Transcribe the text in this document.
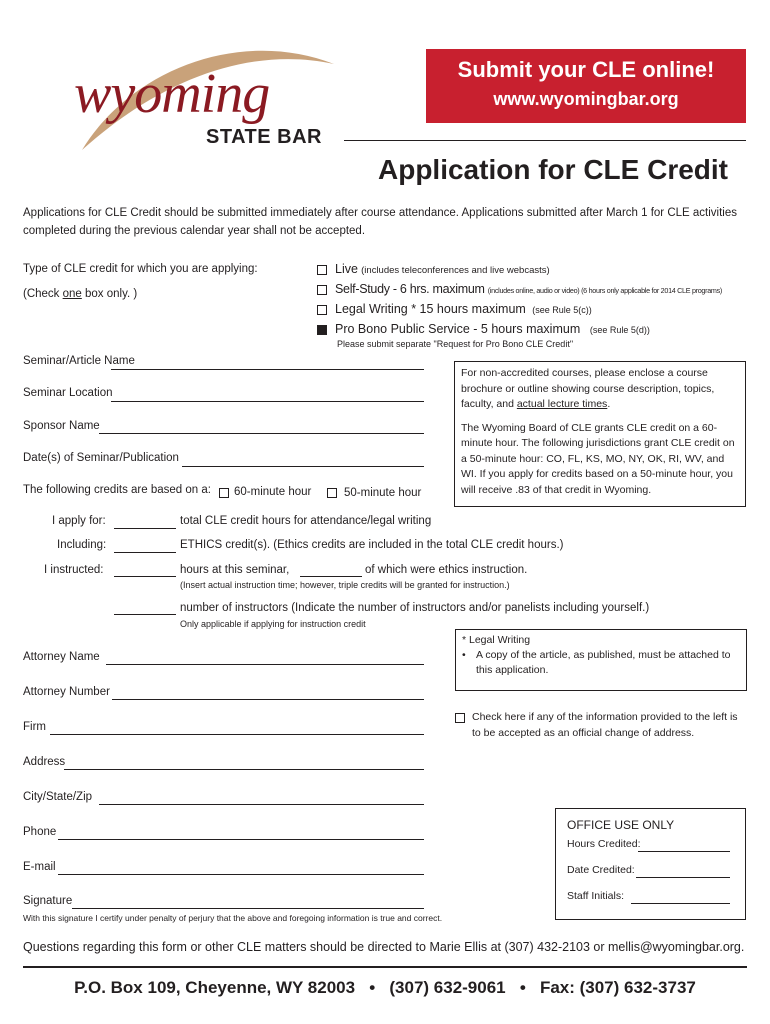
wyoming
STATE BAR
Submit your CLE online!
www.wyomingbar.org
Application for CLE Credit
Applications for CLE Credit should be submitted immediately after course attendance. Applications submitted after March 1 for CLE activities completed during the previous calendar year shall not be accepted.
Type of CLE credit for which you are applying:
(Check one box only. )
Live (includes teleconferences and live webcasts)
Self-Study - 6 hrs. maximum (includes online, audio or video) (6 hours only applicable for 2014 CLE programs)
Legal Writing * 15 hours maximum (see Rule 5(c))
Pro Bono Public Service - 5 hours maximum (see Rule 5(d))
Please submit separate "Request for Pro Bono CLE Credit"
Seminar/Article Name
Seminar Location
Sponsor Name
Date(s) of Seminar/Publication
The following credits are based on a: 60-minute hour	50-minute hour

For non-accredited courses, please enclose a course brochure or outline showing course description, topics, faculty, and actual lecture times.

The Wyoming Board of CLE grants CLE credit on a 60-minute hour. The following jurisdictions grant CLE credit on a 50-minute hour: CO, FL, KS, MO, NY, OK, RI, WV, and WI. If you apply for credits based on a 50-minute hour, you will receive .83 of that credit in Wyoming.

I apply for:	total CLE credit hours for attendance/legal writing
Including:	ETHICS credit(s). (Ethics credits are included in the total CLE credit hours.)
I instructed:	hours at this seminar,	of which were ethics instruction.
(Insert actual instruction time; however, triple credits will be granted for instruction.)
number of instructors (Indicate the number of instructors and/or panelists including yourself.)
Only applicable if applying for instruction credit
* Legal Writing
• A copy of the article, as published, must be attached to this application.
Attorney Name
Attorney Number
Firm
Address
City/State/Zip
Phone
E-mail
Signature
With this signature I certify under penalty of perjury that the above and foregoing information is true and correct.
Check here if any of the information provided to the left is to be accepted as an official change of address.
OFFICE USE ONLY
Hours Credited:
Date Credited:
Staff Initials:
Questions regarding this form or other CLE matters should be directed to Marie Ellis at (307) 432-2103 or mellis@wyomingbar.org.
P.O. Box 109, Cheyenne, WY 82003 • (307) 632-9061 • Fax: (307) 632-3737
